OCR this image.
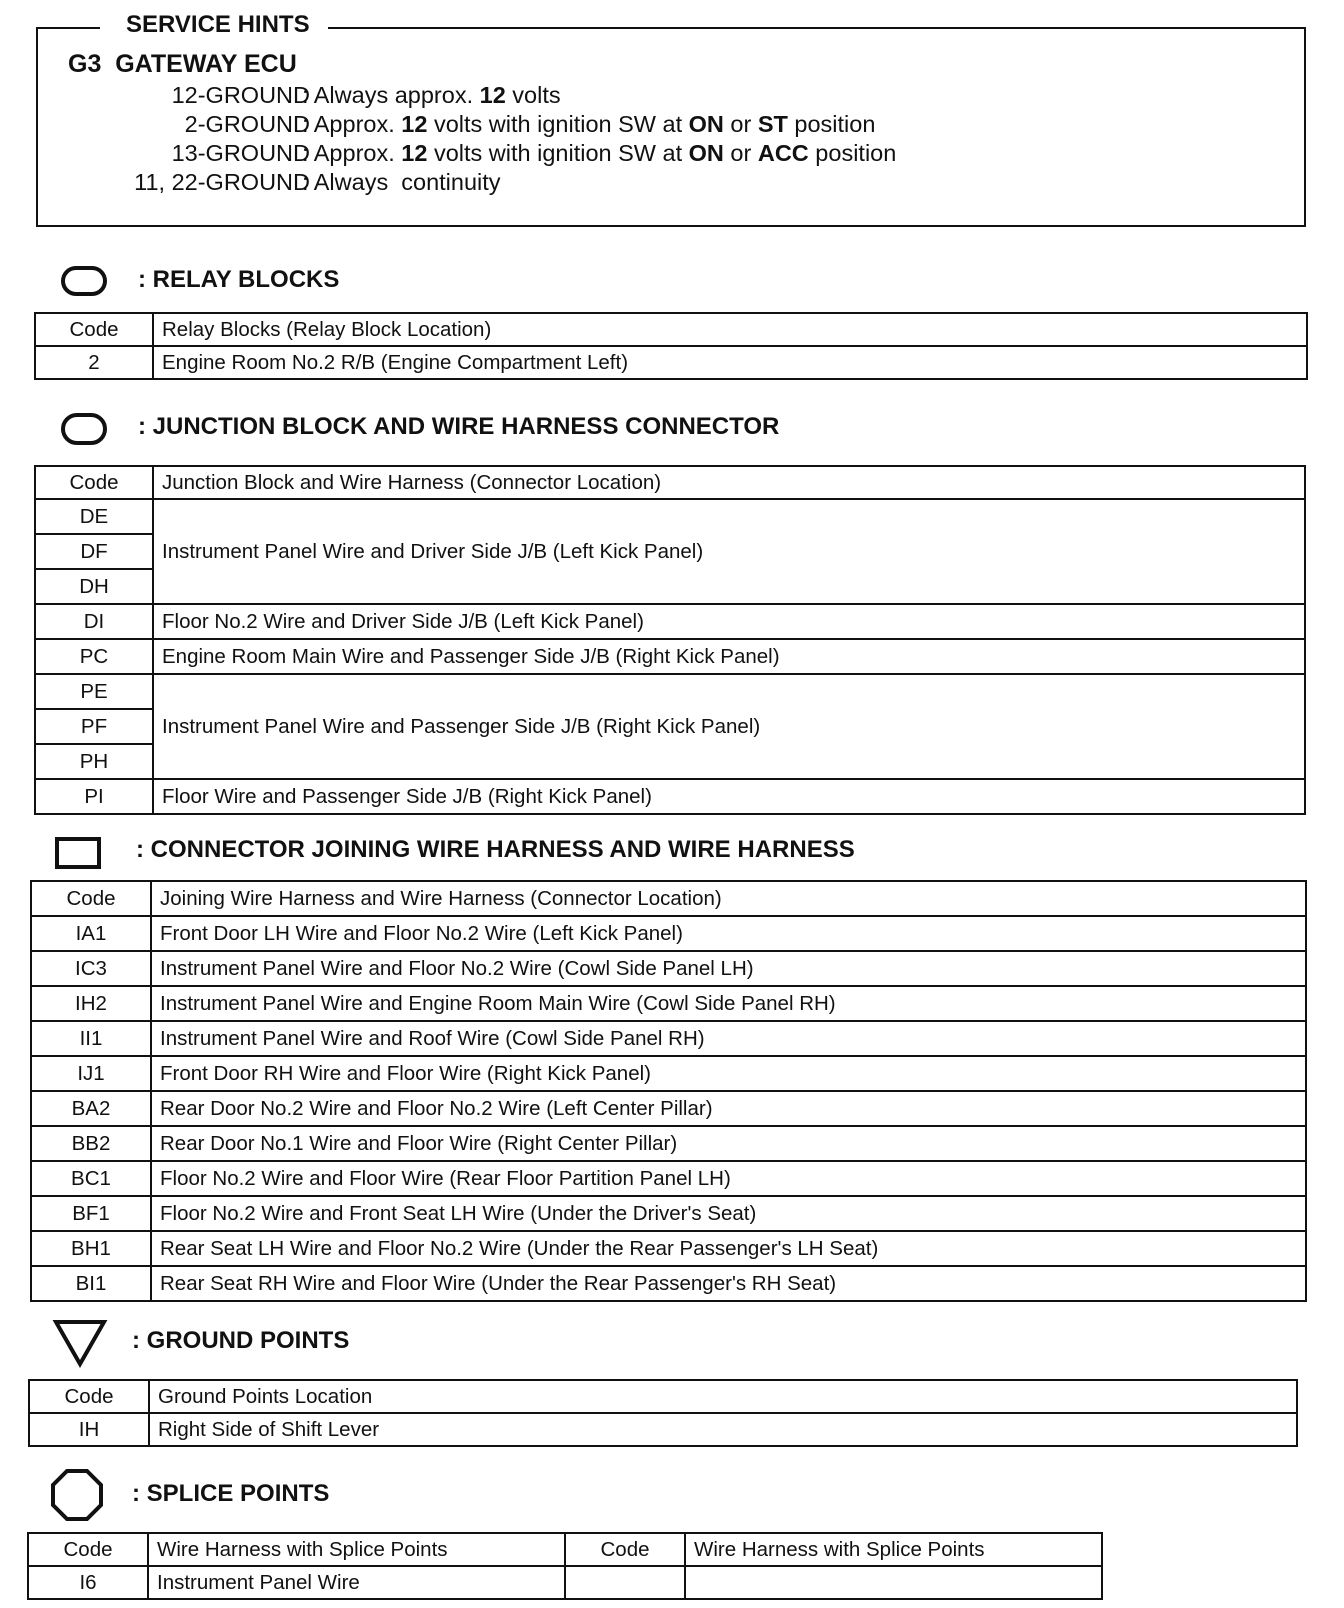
SERVICE HINTS
G3  GATEWAY ECU
12-GROUND
: Always approx. 12 volts
2-GROUND
: Approx. 12 volts with ignition SW at ON or ST position
13-GROUND
: Approx. 12 volts with ignition SW at ON or ACC position
11, 22-GROUND
: Always  continuity
: RELAY BLOCKS
Code	Relay Blocks (Relay Block Location)
2	Engine Room No.2 R/B (Engine Compartment Left)
: JUNCTION BLOCK AND WIRE HARNESS CONNECTOR
Code	Junction Block and Wire Harness (Connector Location)
DE	Instrument Panel Wire and Driver Side J/B (Left Kick Panel)
DF	
DH	
DI	Floor No.2 Wire and Driver Side J/B (Left Kick Panel)
PC	Engine Room Main Wire and Passenger Side J/B (Right Kick Panel)
PE	Instrument Panel Wire and Passenger Side J/B (Right Kick Panel)
PF	
PH	
PI	Floor Wire and Passenger Side J/B (Right Kick Panel)
: CONNECTOR JOINING WIRE HARNESS AND WIRE HARNESS
Code	Joining Wire Harness and Wire Harness (Connector Location)
IA1	Front Door LH Wire and Floor No.2 Wire (Left Kick Panel)
IC3	Instrument Panel Wire and Floor No.2 Wire (Cowl Side Panel LH)
IH2	Instrument Panel Wire and Engine Room Main Wire (Cowl Side Panel RH)
II1	Instrument Panel Wire and Roof Wire (Cowl Side Panel RH)
IJ1	Front Door RH Wire and Floor Wire (Right Kick Panel)
BA2	Rear Door No.2 Wire and Floor No.2 Wire (Left Center Pillar)
BB2	Rear Door No.1 Wire and Floor Wire (Right Center Pillar)
BC1	Floor No.2 Wire and Floor Wire (Rear Floor Partition Panel LH)
BF1	Floor No.2 Wire and Front Seat LH Wire (Under the Driver's Seat)
BH1	Rear Seat LH Wire and Floor No.2 Wire (Under the Rear Passenger's LH Seat)
BI1	Rear Seat RH Wire and Floor Wire (Under the Rear Passenger's RH Seat)
: GROUND POINTS
Code	Ground Points Location
IH	Right Side of Shift Lever
: SPLICE POINTS
Code	Wire Harness with Splice Points	Code	Wire Harness with Splice Points
I6	Instrument Panel Wire		
